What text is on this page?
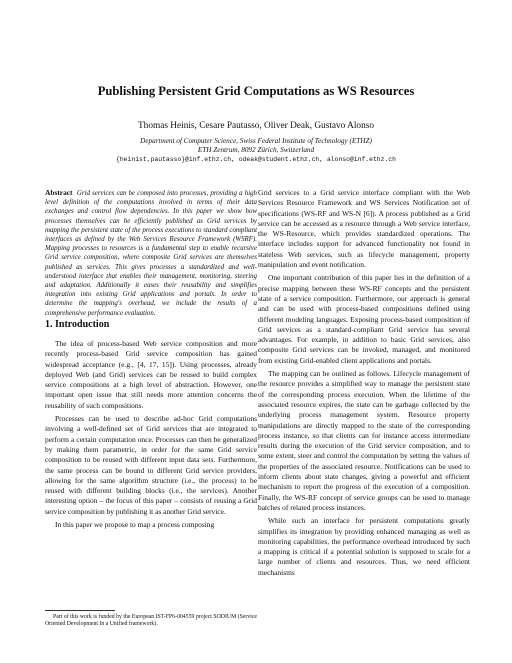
Publishing Persistent Grid Computations as WS Resources
Thomas Heinis, Cesare Pautasso, Oliver Deak, Gustavo Alonso
Department of Computer Science, Swiss Federal Institute of Technology (ETHZ)
ETH Zentrum, 8092 Zürich, Switzerland
{heinist,pautasso}@inf.ethz.ch, odeak@student.ethz.ch, alonso@inf.ethz.ch

Abstract Grid services can be composed into processes, providing a high level definition of the computations involved in terms of their data exchanges and control flow dependencies. In this paper we show how processes themselves can be efficiently published as Grid services by mapping the persistent state of the process executions to standard compliant interfaces as defined by the Web Services Resource Framework (WSRF). Mapping processes to resources is a fundamental step to enable recursive Grid service composition, where composite Grid services are themselves published as services. This gives processes a standardized and well-understood interface that enables their management, monitoring, steering and adaptation. Additionally it eases their reusability and simplifies integration into existing Grid applications and portals. In order to determine the mapping's overhead, we include the results of a comprehensive performance evaluation.

1. Introduction

The idea of process-based Web service composition and more recently process-based Grid service composition has gained widespread acceptance (e.g., [4, 17, 15]). Using processes, already deployed Web (and Grid) services can be reused to build complex service compositions at a high level of abstraction. However, one important open issue that still needs more attention concerns the reusability of such compositions.

Processes can be used to describe ad-hoc Grid computations involving a well-defined set of Grid services that are integrated to perform a certain computation once. Processes can then be generalized by making them parametric, in order for the same Grid service composition to be reused with different input data sets. Furthermore, the same process can be bound to different Grid service providers, allowing for the same algorithm structure (i.e., the process) to be reused with different building blocks (i.e., the services). Another interesting option – the focus of this paper – consists of reusing a Grid service composition by publishing it as another Grid service.

In this paper we propose to map a process composing

Grid services to a Grid service interface compliant with the Web Services Resource Framework and WS Services Notification set of specifications (WS-RF and WS-N [6]). A process published as a Grid service can be accessed as a resource through a Web service interface, the WS-Resource, which provides standardized operations. The interface includes support for advanced functionality not found in stateless Web services, such as lifecycle management, property manipulation and event notification.

One important contribution of this paper lies in the definition of a precise mapping between these WS-RF concepts and the persistent state of a service composition. Furthermore, our approach is general and can be used with process-based compositions defined using different modeling languages. Exposing process-based composition of Grid services as a standard-compliant Grid service has several advantages. For example, in addition to basic Grid services, also composite Grid services can be invoked, managed, and monitored from existing Grid-enabled client applications and portals.

The mapping can be outlined as follows. Lifecycle management of the resource provides a simplified way to manage the persistent state of the corresponding process execution. When the lifetime of the associated resource expires, the state can be garbage collected by the underlying process management system. Resource property manipulations are directly mapped to the state of the corresponding process instance, so that clients can for instance access intermediate results during the execution of the Grid service composition, and to some extent, steer and control the computation by setting the values of the properties of the associated resource. Notifications can be used to inform clients about state changes, giving a powerful and efficient mechanism to report the progress of the execution of a composition. Finally, the WS-RF concept of service groups can be used to manage batches of related process instances.

While such an interface for persistent computations greatly simplifies its integration by providing enhanced managing as well as monitoring capabilities, the performance overhead introduced by such a mapping is critical if a potential solution is supposed to scale for a large number of clients and resources. Thus, we need efficient mechanisms

Part of this work is funded by the European IST-FP6-004559 project SODIUM (Service Oriented Development In a Unified framework).
